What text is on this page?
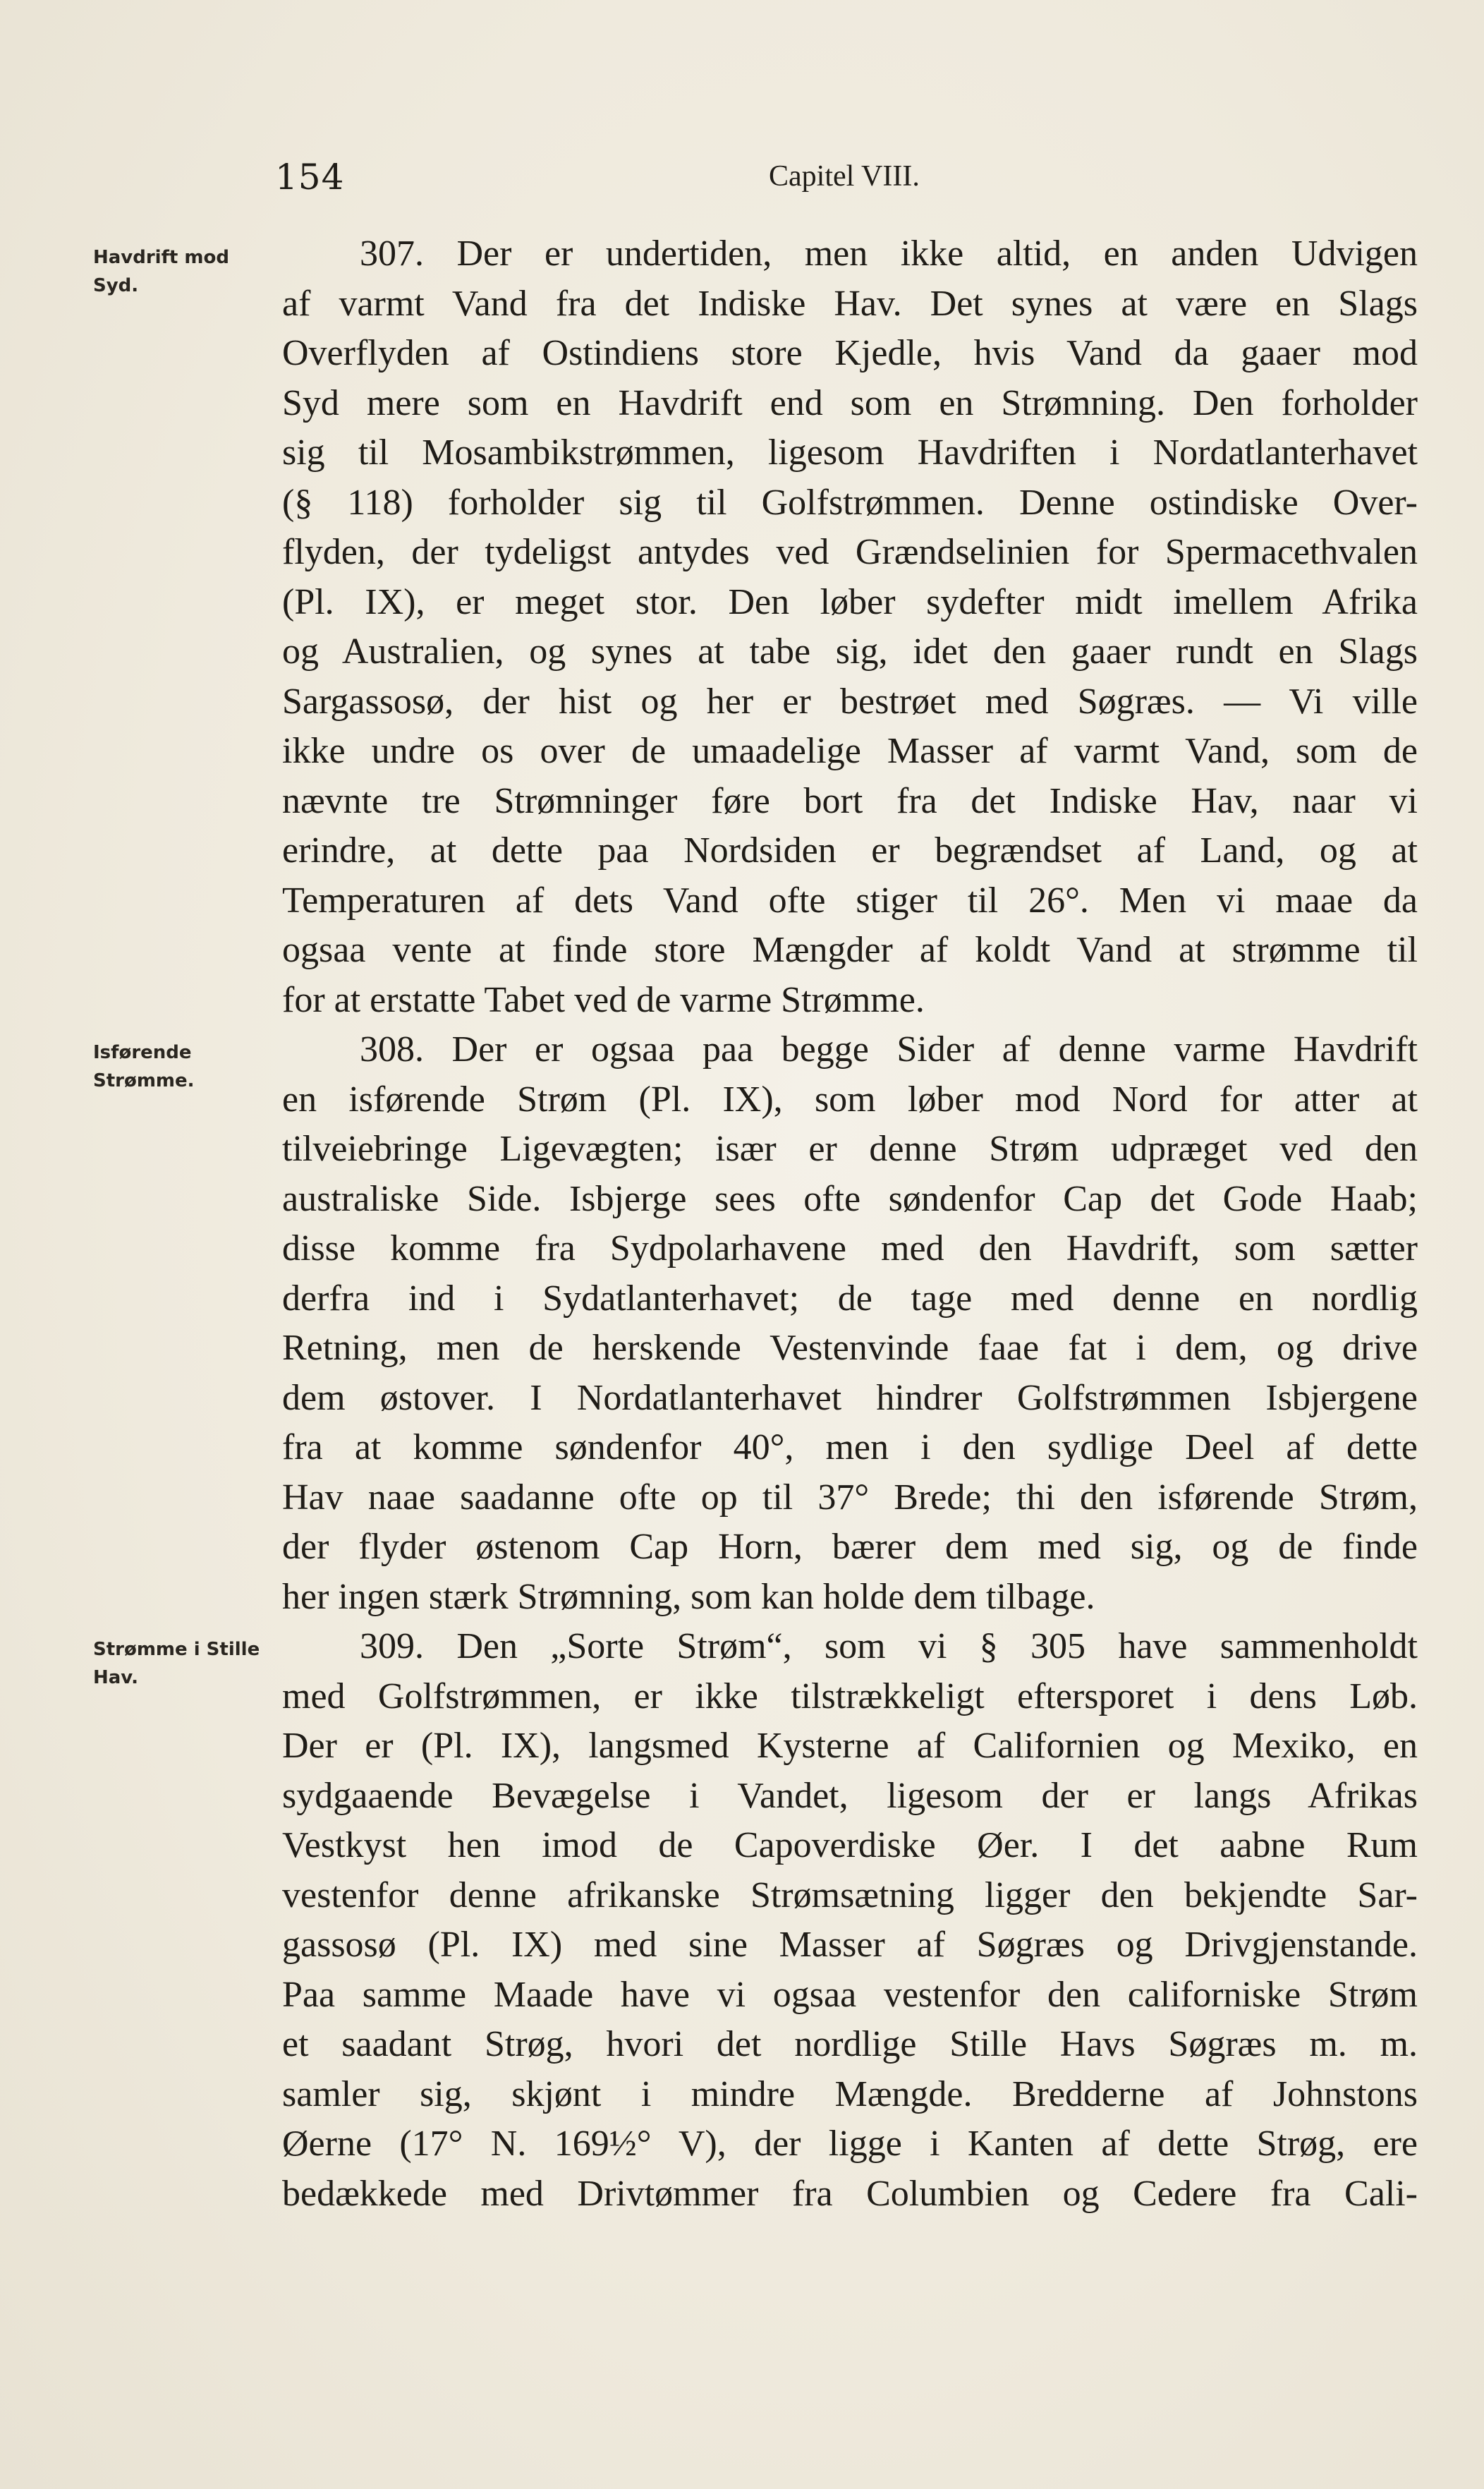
154	Capitel VIII.
Havdrift mod Syd.
Isførende Strømme.
Strømme i Stille Hav.
307. Der er undertiden, men ikke altid, en anden Udvigen
af varmt Vand fra det Indiske Hav. Det synes at være en Slags
Overflyden af Ostindiens store Kjedle, hvis Vand da gaaer mod
Syd mere som en Havdrift end som en Strømning. Den forholder
sig til Mosambikstrømmen, ligesom Havdriften i Nordatlanterhavet
(§ 118) forholder sig til Golfstrømmen. Denne ostindiske Over-
flyden, der tydeligst antydes ved Grændselinien for Spermacethvalen
(Pl. IX), er meget stor. Den løber sydefter midt imellem Afrika
og Australien, og synes at tabe sig, idet den gaaer rundt en Slags
Sargassosø, der hist og her er bestrøet med Søgræs. — Vi ville
ikke undre os over de umaadelige Masser af varmt Vand, som de
nævnte tre Strømninger føre bort fra det Indiske Hav, naar vi
erindre, at dette paa Nordsiden er begrændset af Land, og at
Temperaturen af dets Vand ofte stiger til 26°. Men vi maae da
ogsaa vente at finde store Mængder af koldt Vand at strømme til
for at erstatte Tabet ved de varme Strømme.
308. Der er ogsaa paa begge Sider af denne varme Havdrift
en isførende Strøm (Pl. IX), som løber mod Nord for atter at
tilveiebringe Ligevægten; især er denne Strøm udpræget ved den
australiske Side. Isbjerge sees ofte søndenfor Cap det Gode Haab;
disse komme fra Sydpolarhavene med den Havdrift, som sætter
derfra ind i Sydatlanterhavet; de tage med denne en nordlig
Retning, men de herskende Vestenvinde faae fat i dem, og drive
dem østover. I Nordatlanterhavet hindrer Golfstrømmen Isbjergene
fra at komme søndenfor 40°, men i den sydlige Deel af dette
Hav naae saadanne ofte op til 37° Brede; thi den isførende Strøm,
der flyder østenom Cap Horn, bærer dem med sig, og de finde
her ingen stærk Strømning, som kan holde dem tilbage.
309. Den „Sorte Strøm“, som vi § 305 have sammenholdt
med Golfstrømmen, er ikke tilstrækkeligt eftersporet i dens Løb.
Der er (Pl. IX), langsmed Kysterne af Californien og Mexiko, en
sydgaaende Bevægelse i Vandet, ligesom der er langs Afrikas
Vestkyst hen imod de Capoverdiske Øer. I det aabne Rum
vestenfor denne afrikanske Strømsætning ligger den bekjendte Sar-
gassosø (Pl. IX) med sine Masser af Søgræs og Drivgjenstande.
Paa samme Maade have vi ogsaa vestenfor den californiske Strøm
et saadant Strøg, hvori det nordlige Stille Havs Søgræs m. m.
samler sig, skjønt i mindre Mængde. Bredderne af Johnstons
Øerne (17° N. 169½° V), der ligge i Kanten af dette Strøg, ere
bedækkede med Drivtømmer fra Columbien og Cedere fra Cali-
